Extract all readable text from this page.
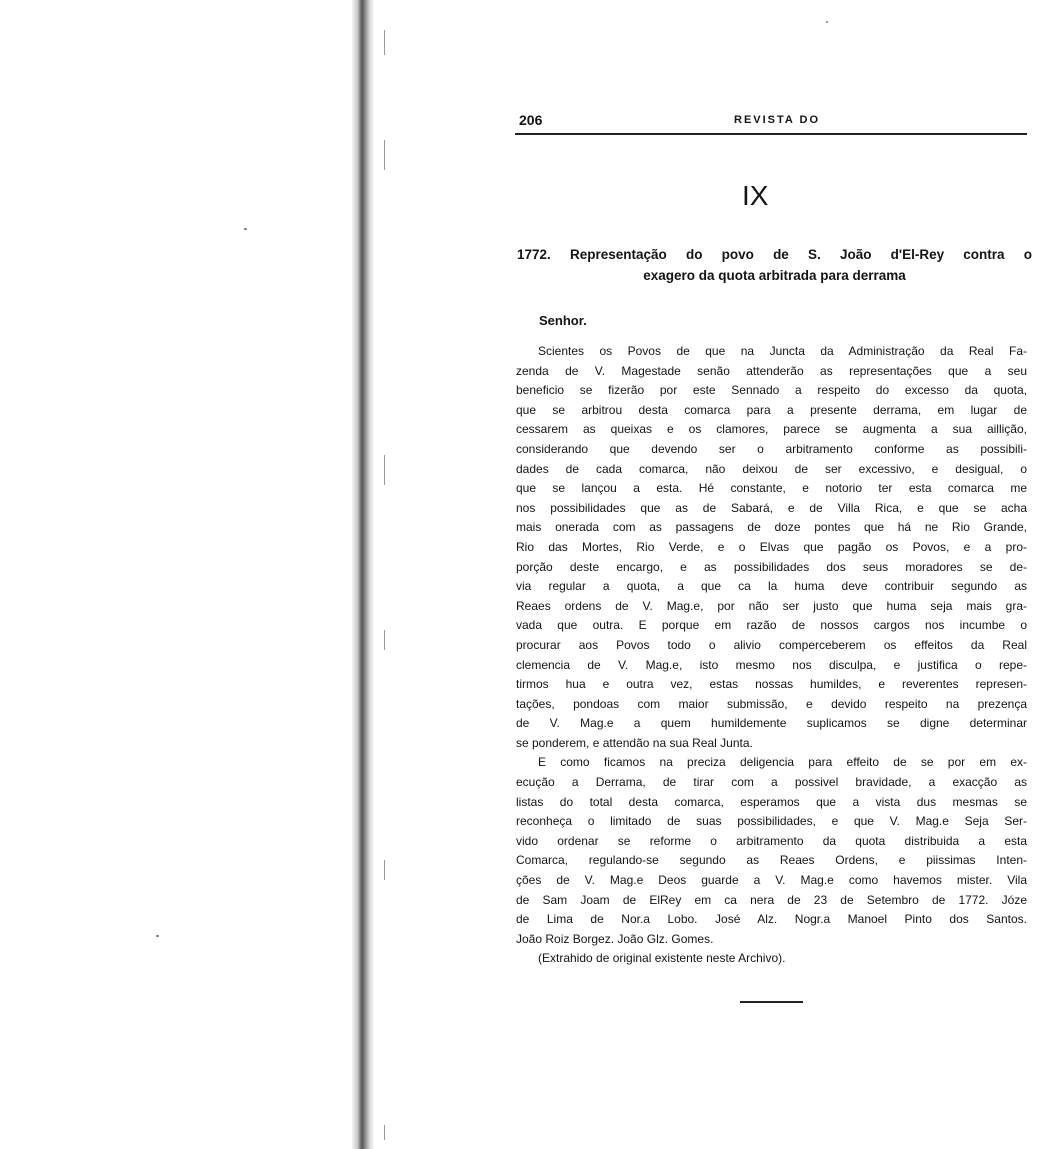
206	REVISTA DO
IX
1772. Representação do povo de S. João d'El-Rey contra o
exagero da quota arbitrada para derrama
Senhor.
Scientes os Povos de que na Juncta da Administração da Real Fa-
zenda de V. Magestade senão attenderão as representações que a seu
beneficio se fizerão por este Sennado a respeito do excesso da quota,
que se arbitrou desta comarca para a presente derrama, em lugar de
cessarem as queixas e os clamores, parece se augmenta a sua aillição,
considerando que devendo ser o arbitramento conforme as possibili-
dades de cada comarca, não deixou de ser excessivo, e desigual, o
que se lançou a esta. Hé constante, e notorio ter esta comarca me
nos possibilidades que as de Sabará, e de Villa Rica, e que se acha
mais onerada com as passagens de doze pontes que há ne Rio Grande,
Rio das Mortes, Rio Verde, e o Elvas que pagão os Povos, e a pro-
porção deste encargo, e as possibilidades dos seus moradores se de-
via regular a quota, a que ca la huma deve contribuir segundo as
Reaes ordens de V. Mag.e, por não ser justo que huma seja mais gra-
vada que outra. E porque em razão de nossos cargos nos incumbe o
procurar aos Povos todo o alivio comperceberem os effeitos da Real
clemencia de V. Mag.e, isto mesmo nos disculpa, e justifica o repe-
tirmos hua e outra vez, estas nossas humildes, e reverentes represen-
tações, pondoas com maior submissão, e devido respeito na prezença
de V. Mag.e a quem humildemente suplicamos se digne determinar
se ponderem, e attendão na sua Real Junta.
E como ficamos na preciza deligencia para effeito de se por em ex-
ecução a Derrama, de tirar com a possivel bravidade, a exacção as
listas do total desta comarca, esperamos que a vista dus mesmas se
reconheça o limitado de suas possibilidades, e que V. Mag.e Seja Ser-
vido ordenar se reforme o arbitramento da quota distribuida a esta
Comarca, regulando-se segundo as Reaes Ordens, e piissimas Inten-
ções de V. Mag.e Deos guarde a V. Mag.e como havemos mister. Vila
de Sam Joam de ElRey em ca nera de 23 de Setembro de 1772. Józe
de Lima de Nor.a Lobo. José Alz. Nogr.a Manoel Pinto dos Santos.
João Roiz Borgez. João Glz. Gomes.
(Extrahido de original existente neste Archivo).
